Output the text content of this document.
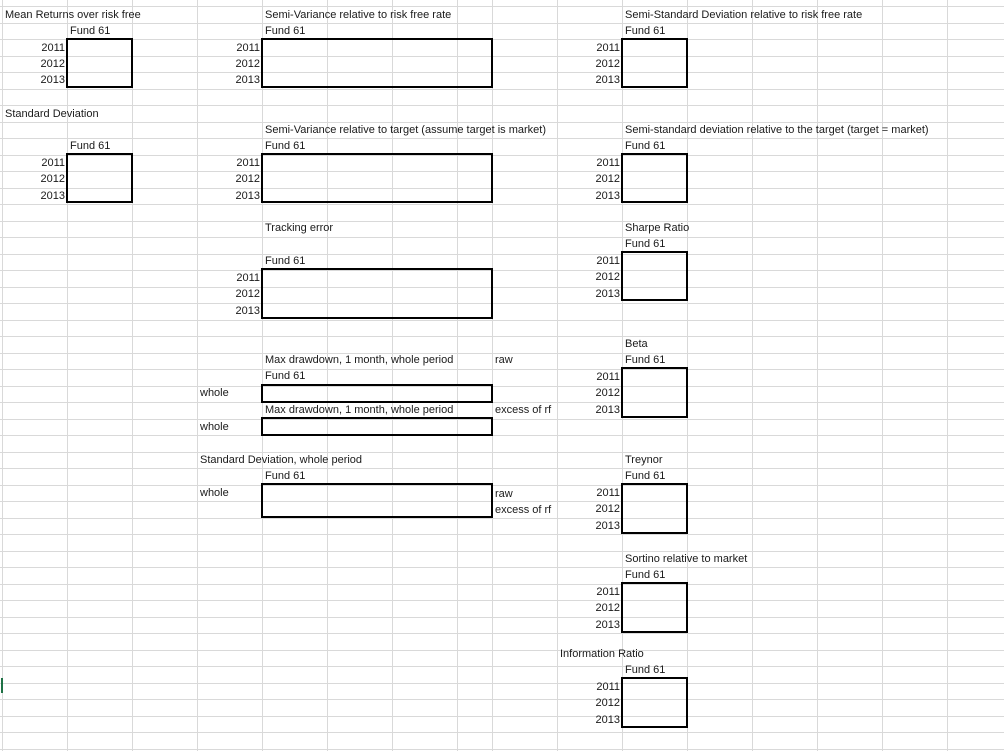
Mean Returns over risk free
Fund 61
2011
2012
2013
Standard Deviation
Fund 61
2011
2012
2013
Semi-Variance relative to risk free rate
Fund 61
2011
2012
2013
Semi-Variance relative to target (assume target is market)
Fund 61
2011
2012
2013
Tracking error
Fund 61
2011
2012
2013
Max drawdown, 1 month, whole period	raw
Fund 61
whole
Max drawdown, 1 month, whole period	excess of rf
whole
Standard Deviation, whole period
Fund 61
whole	raw
excess of rf
Semi-Standard Deviation relative to risk free rate
Fund 61
2011
2012
2013
Semi-standard deviation relative to the target (target = market)
Fund 61
2011
2012
2013
Sharpe Ratio
Fund 61
2011
2012
2013
Beta
Fund 61
2011
2012
2013
Treynor
Fund 61
2011
2012
2013
Sortino relative to market
Fund 61
2011
2012
2013
Information Ratio
Fund 61
2011
2012
2013
